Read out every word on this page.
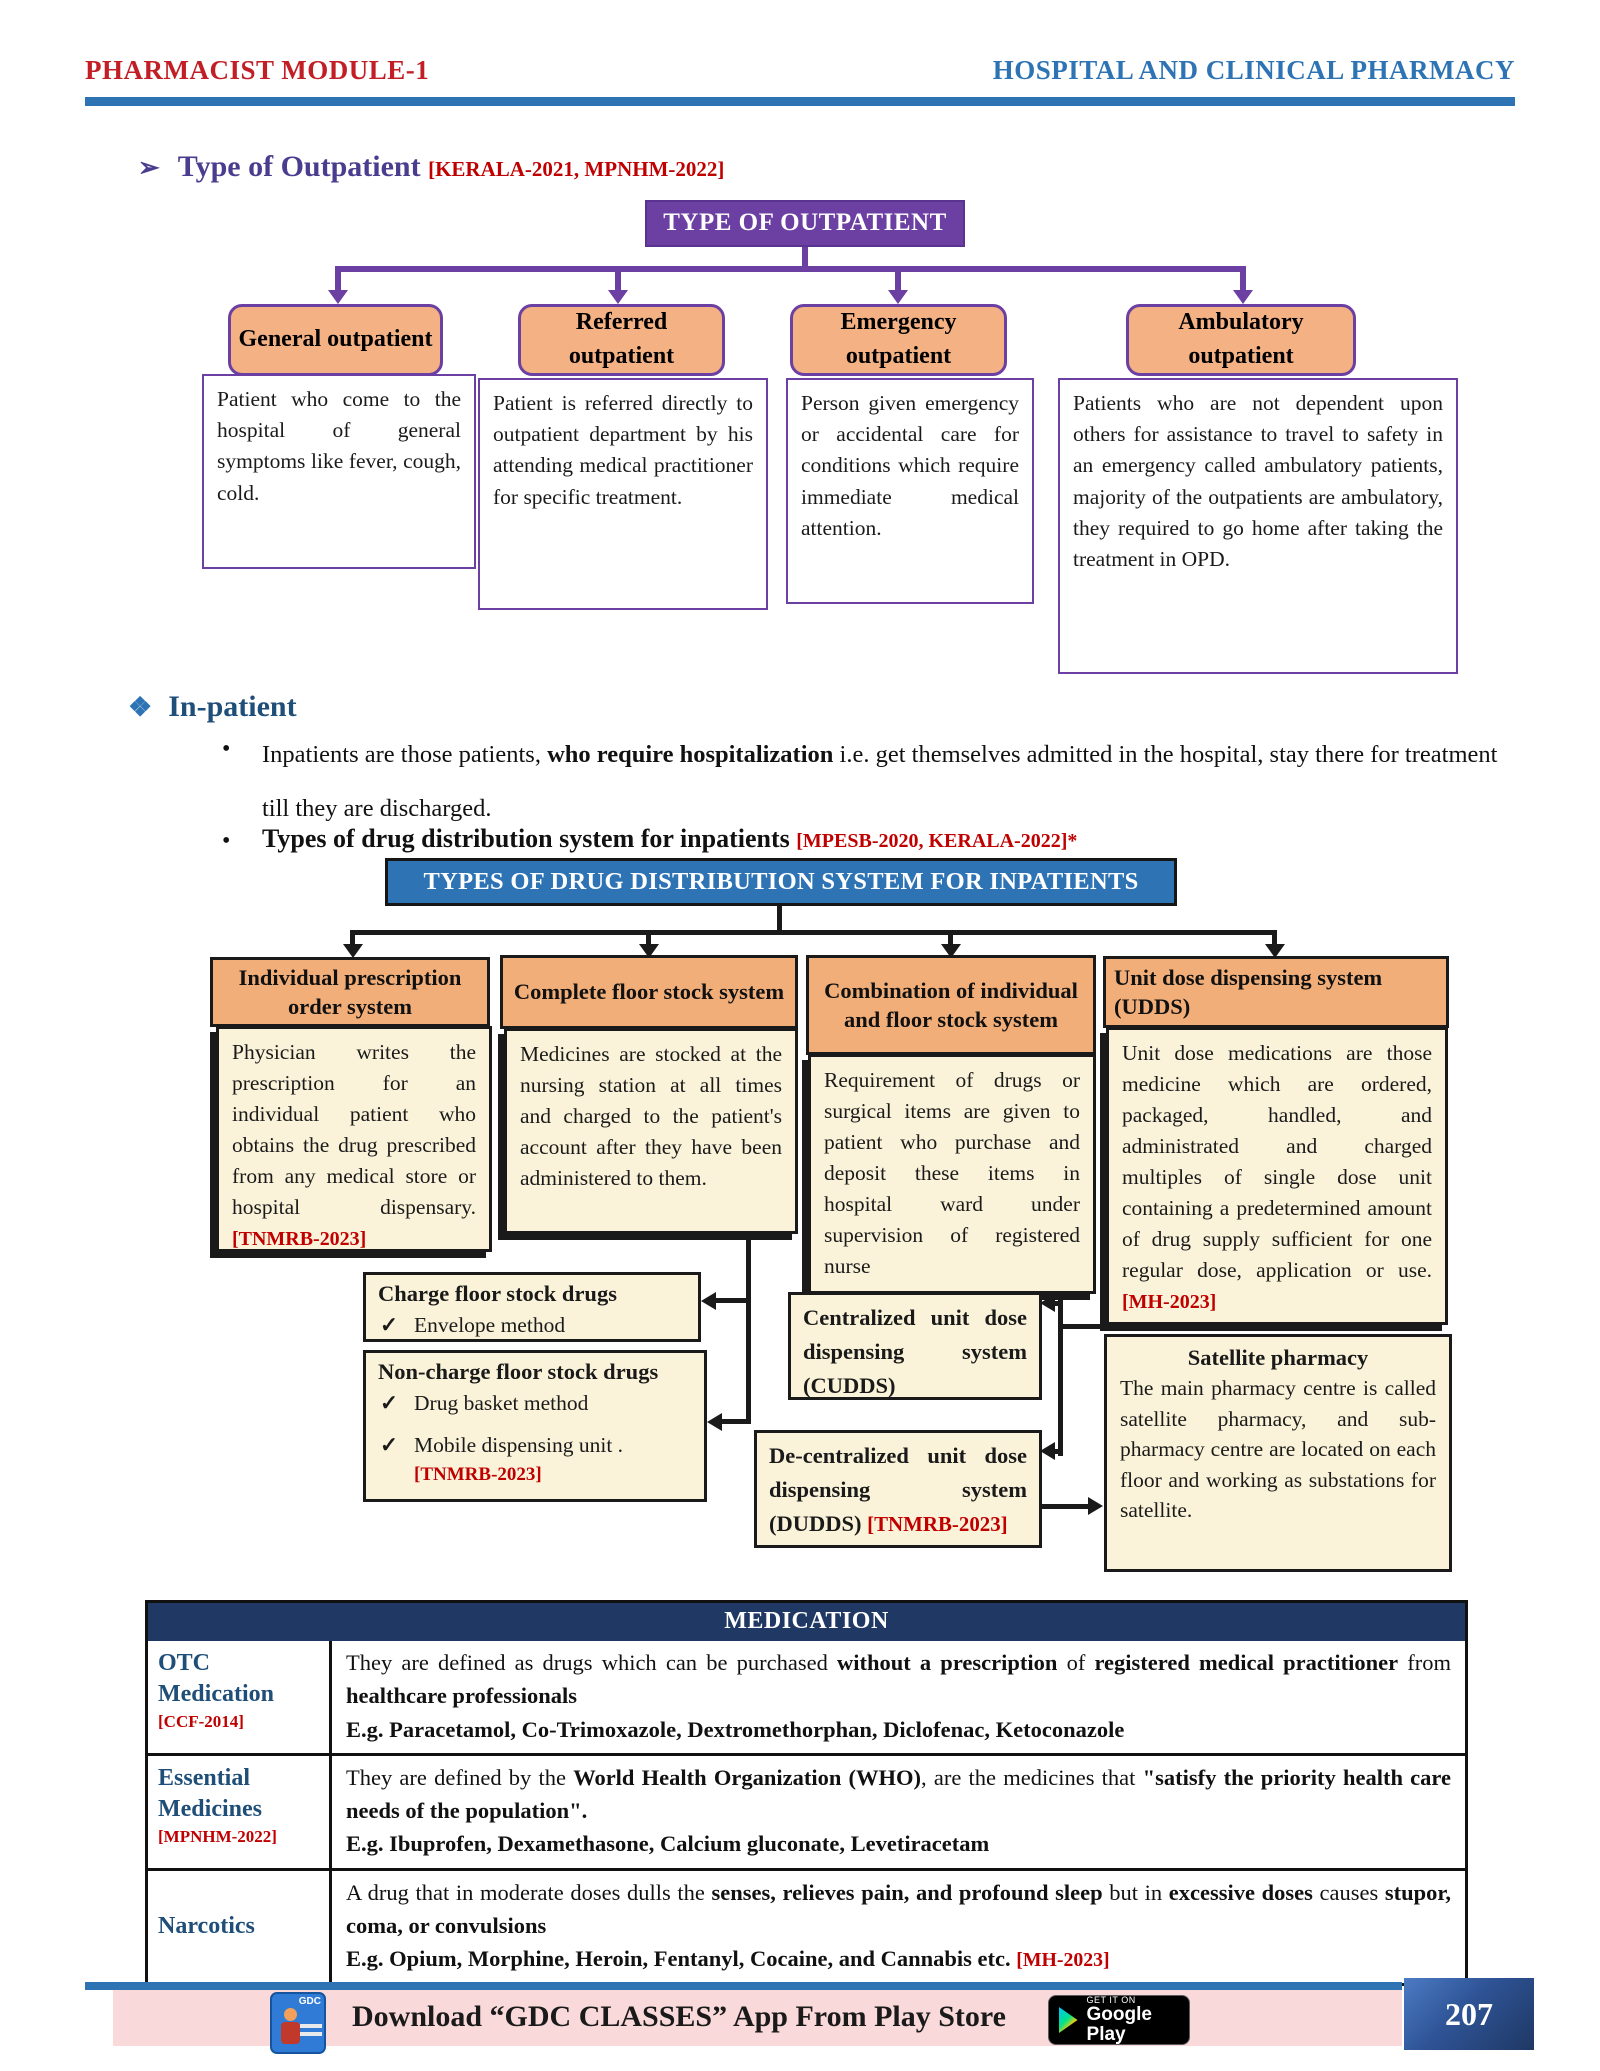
PHARMACIST MODULE-1	HOSPITAL AND CLINICAL PHARMACY
➢ Type of Outpatient [KERALA-2021, MPNHM-2022]
TYPE OF OUTPATIENT
General outpatient
Referred outpatient
Emergency outpatient
Ambulatory outpatient
Patient who come to the hospital of general symptoms like fever, cough, cold.
Patient is referred directly to outpatient department by his attending medical practitioner for specific treatment.
Person given emergency or accidental care for conditions which require immediate medical attention.
Patients who are not dependent upon others for assistance to travel to safety in an emergency called ambulatory patients, majority of the outpatients are ambulatory, they required to go home after taking the treatment in OPD.
❖ In-patient
• Inpatients are those patients, who require hospitalization i.e. get themselves admitted in the hospital, stay there for treatment till they are discharged.
• Types of drug distribution system for inpatients [MPESB-2020, KERALA-2022]*
TYPES OF DRUG DISTRIBUTION SYSTEM FOR INPATIENTS
Individual prescription order system
Complete floor stock system	Combination of individual and floor stock system
Unit dose dispensing system (UDDS)
Physician writes the prescription for an individual patient who obtains the drug prescribed from any medical store or hospital dispensary. [TNMRB-2023]
Medicines are stocked at the nursing station at all times and charged to the patient's account after they have been administered to them.
Requirement of drugs or surgical items are given to patient who purchase and deposit these items in hospital ward under supervision of registered nurse
Unit dose medications are those medicine which are ordered, packaged, handled, and administrated and charged multiples of single dose unit containing a predetermined amount of drug supply sufficient for one regular dose, application or use. [MH-2023]
Charge floor stock drugs
✓ Envelope method
Non-charge floor stock drugs
✓ Drug basket method
✓ Mobile dispensing unit .
[TNMRB-2023]
Centralized unit dose dispensing system (CUDDS)
De-centralized unit dose dispensing system (DUDDS) [TNMRB-2023]
Satellite pharmacy
The main pharmacy centre is called satellite pharmacy, and sub-pharmacy centre are located on each floor and working as substations for satellite.
MEDICATION
OTC Medication
[CCF-2014]
They are defined as drugs which can be purchased without a prescription of registered medical practitioner from healthcare professionals
E.g. Paracetamol, Co-Trimoxazole, Dextromethorphan, Diclofenac, Ketoconazole
Essential Medicines
[MPNHM-2022]
They are defined by the World Health Organization (WHO), are the medicines that "satisfy the priority health care needs of the population".
E.g. Ibuprofen, Dexamethasone, Calcium gluconate, Levetiracetam
Narcotics
A drug that in moderate doses dulls the senses, relieves pain, and profound sleep but in excessive doses causes stupor, coma, or convulsions
E.g. Opium, Morphine, Heroin, Fentanyl, Cocaine, and Cannabis etc. [MH-2023]
GDC Download “GDC CLASSES” App From Play Store	GET IT ON
Google Play
207
